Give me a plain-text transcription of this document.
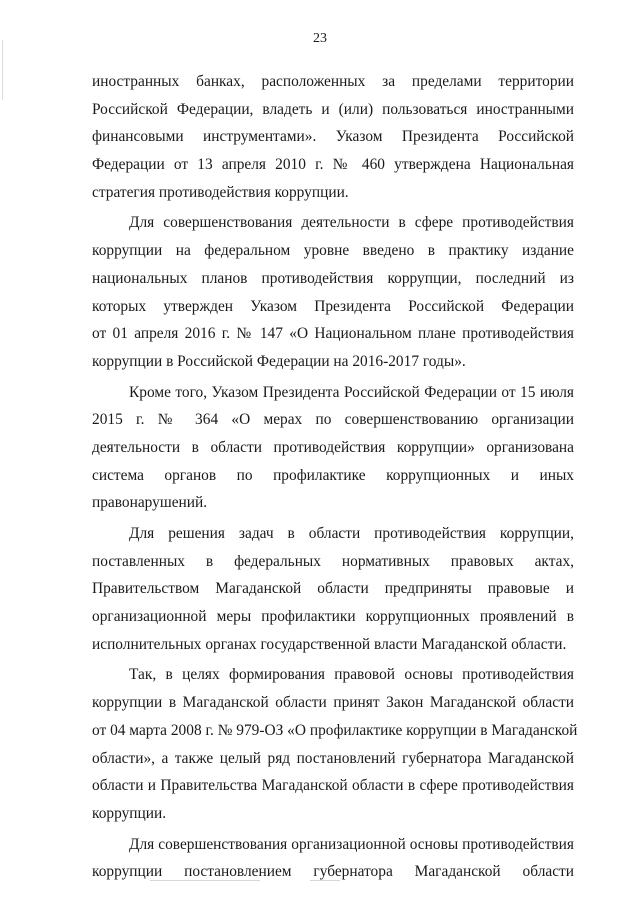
23

иностранных банках, расположенных за пределами территории
Российской Федерации, владеть и (или) пользоваться иностранными
финансовыми инструментами». Указом Президента Российской
Федерации от 13 апреля 2010 г. № 460 утверждена Национальная
стратегия противодействия коррупции.

Для совершенствования деятельности в сфере противодействия
коррупции на федеральном уровне введено в практику издание
национальных планов противодействия коррупции, последний из
которых утвержден Указом Президента Российской Федерации
от 01 апреля 2016 г. № 147 «О Национальном плане противодействия
коррупции в Российской Федерации на 2016-2017 годы».

Кроме того, Указом Президента Российской Федерации от 15 июля
2015 г. № 364 «О мерах по совершенствованию организации
деятельности в области противодействия коррупции» организована
система органов по профилактике коррупционных и иных
правонарушений.

Для решения задач в области противодействия коррупции,
поставленных в федеральных нормативных правовых актах,
Правительством Магаданской области предприняты правовые и
организационной меры профилактики коррупционных проявлений в
исполнительных органах государственной власти Магаданской области.

Так, в целях формирования правовой основы противодействия
коррупции в Магаданской области принят Закон Магаданской области
от 04 марта 2008 г. № 979-ОЗ «О профилактике коррупции в Магаданской
области», а также целый ряд постановлений губернатора Магаданской
области и Правительства Магаданской области в сфере противодействия
коррупции.

Для совершенствования организационной основы противодействия
коррупции постановлением губернатора Магаданской области
